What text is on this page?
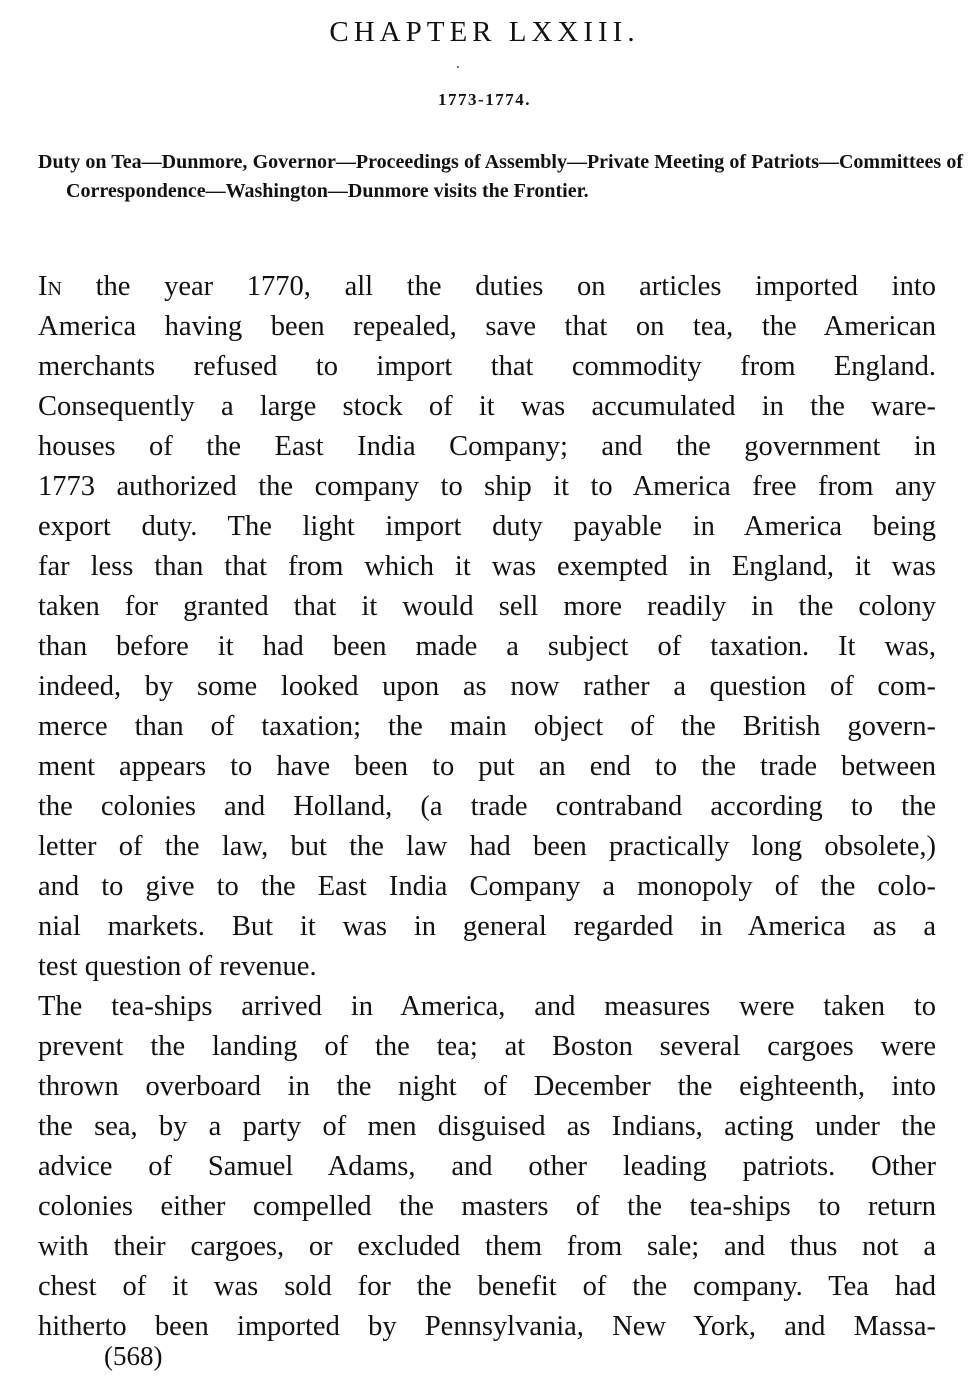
CHAPTER LXXIII.

1773-1774.

Duty on Tea—Dunmore, Governor—Proceedings of Assembly—Private Meeting of Patriots—Committees of Correspondence—Washington—Dunmore visits the Frontier.

In the year 1770, all the duties on articles imported into
America having been repealed, save that on tea, the American
merchants refused to import that commodity from England.
Consequently a large stock of it was accumulated in the ware-
houses of the East India Company; and the government in
1773 authorized the company to ship it to America free from any
export duty. The light import duty payable in America being
far less than that from which it was exempted in England, it was
taken for granted that it would sell more readily in the colony
than before it had been made a subject of taxation. It was,
indeed, by some looked upon as now rather a question of com-
merce than of taxation; the main object of the British govern-
ment appears to have been to put an end to the trade between
the colonies and Holland, (a trade contraband according to the
letter of the law, but the law had been practically long obsolete,)
and to give to the East India Company a monopoly of the colo-
nial markets. But it was in general regarded in America as a
test question of revenue.
The tea-ships arrived in America, and measures were taken to
prevent the landing of the tea; at Boston several cargoes were
thrown overboard in the night of December the eighteenth, into
the sea, by a party of men disguised as Indians, acting under the
advice of Samuel Adams, and other leading patriots. Other
colonies either compelled the masters of the tea-ships to return
with their cargoes, or excluded them from sale; and thus not a
chest of it was sold for the benefit of the company. Tea had
hitherto been imported by Pennsylvania, New York, and Massa-

(568)
